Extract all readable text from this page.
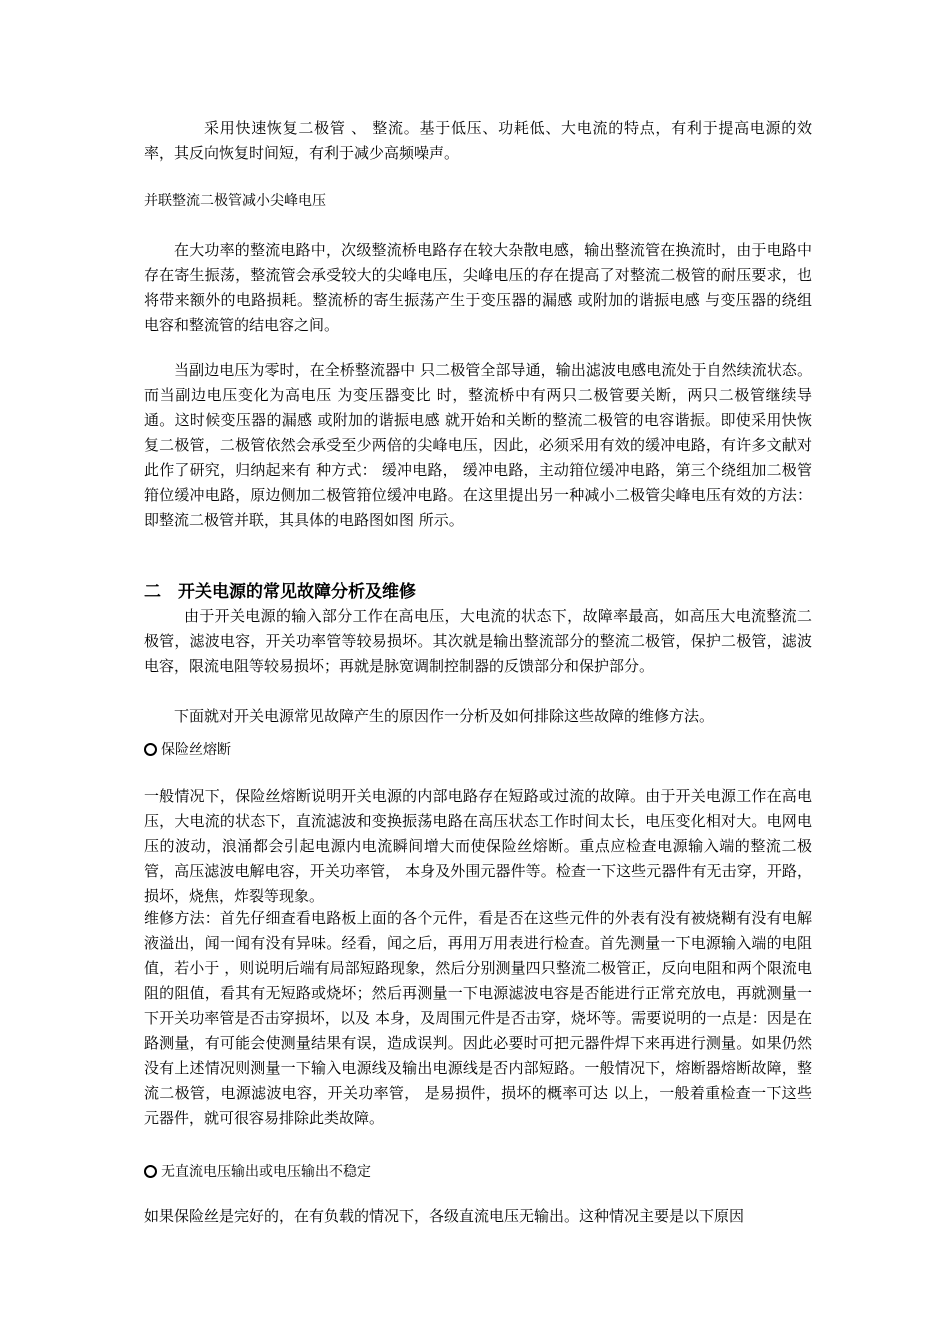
采用快速恢复二极管 、 整流。基于低压、功耗低、大电流的特点，有利于提高电源的效率，其反向恢复时间短，有利于减少高频噪声。

并联整流二极管减小尖峰电压

在大功率的整流电路中，次级整流桥电路存在较大杂散电感，输出整流管在换流时，由于电路中存在寄生振荡，整流管会承受较大的尖峰电压，尖峰电压的存在提高了对整流二极管的耐压要求，也将带来额外的电路损耗。整流桥的寄生振荡产生于变压器的漏感 或附加的谐振电感 与变压器的绕组电容和整流管的结电容之间。

当副边电压为零时，在全桥整流器中 只二极管全部导通，输出滤波电感电流处于自然续流状态。而当副边电压变化为高电压 为变压器变比 时，整流桥中有两只二极管要关断，两只二极管继续导通。这时候变压器的漏感 或附加的谐振电感 就开始和关断的整流二极管的电容谐振。即使采用快恢复二极管，二极管依然会承受至少两倍的尖峰电压，因此，必须采用有效的缓冲电路，有许多文献对此作了研究，归纳起来有 种方式： 缓冲电路， 缓冲电路，主动箝位缓冲电路，第三个绕组加二极管箝位缓冲电路，原边侧加二极管箝位缓冲电路。在这里提出另一种减小二极管尖峰电压有效的方法：即整流二极管并联，其具体的电路图如图 所示。

二　开关电源的常见故障分析及维修

由于开关电源的输入部分工作在高电压，大电流的状态下，故障率最高，如高压大电流整流二极管，滤波电容，开关功率管等较易损坏。其次就是输出整流部分的整流二极管，保护二极管，滤波电容，限流电阻等较易损坏；再就是脉宽调制控制器的反馈部分和保护部分。

下面就对开关电源常见故障产生的原因作一分析及如何排除这些故障的维修方法。

保险丝熔断

一般情况下，保险丝熔断说明开关电源的内部电路存在短路或过流的故障。由于开关电源工作在高电压，大电流的状态下，直流滤波和变换振荡电路在高压状态工作时间太长，电压变化相对大。电网电压的波动，浪涌都会引起电源内电流瞬间增大而使保险丝熔断。重点应检查电源输入端的整流二极管，高压滤波电解电容，开关功率管， 本身及外围元器件等。检查一下这些元器件有无击穿，开路，损坏，烧焦，炸裂等现象。

维修方法：首先仔细查看电路板上面的各个元件，看是否在这些元件的外表有没有被烧糊有没有电解液溢出，闻一闻有没有异味。经看，闻之后，再用万用表进行检查。首先测量一下电源输入端的电阻值，若小于 ，则说明后端有局部短路现象，然后分别测量四只整流二极管正，反向电阻和两个限流电阻的阻值，看其有无短路或烧坏；然后再测量一下电源滤波电容是否能进行正常充放电，再就测量一下开关功率管是否击穿损坏，以及 本身，及周围元件是否击穿，烧坏等。需要说明的一点是：因是在路测量，有可能会使测量结果有误，造成误判。因此必要时可把元器件焊下来再进行测量。如果仍然没有上述情况则测量一下输入电源线及输出电源线是否内部短路。一般情况下，熔断器熔断故障，整流二极管，电源滤波电容，开关功率管， 是易损件，损坏的概率可达 以上，一般着重检查一下这些元器件，就可很容易排除此类故障。

无直流电压输出或电压输出不稳定

如果保险丝是完好的，在有负载的情况下，各级直流电压无输出。这种情况主要是以下原因
